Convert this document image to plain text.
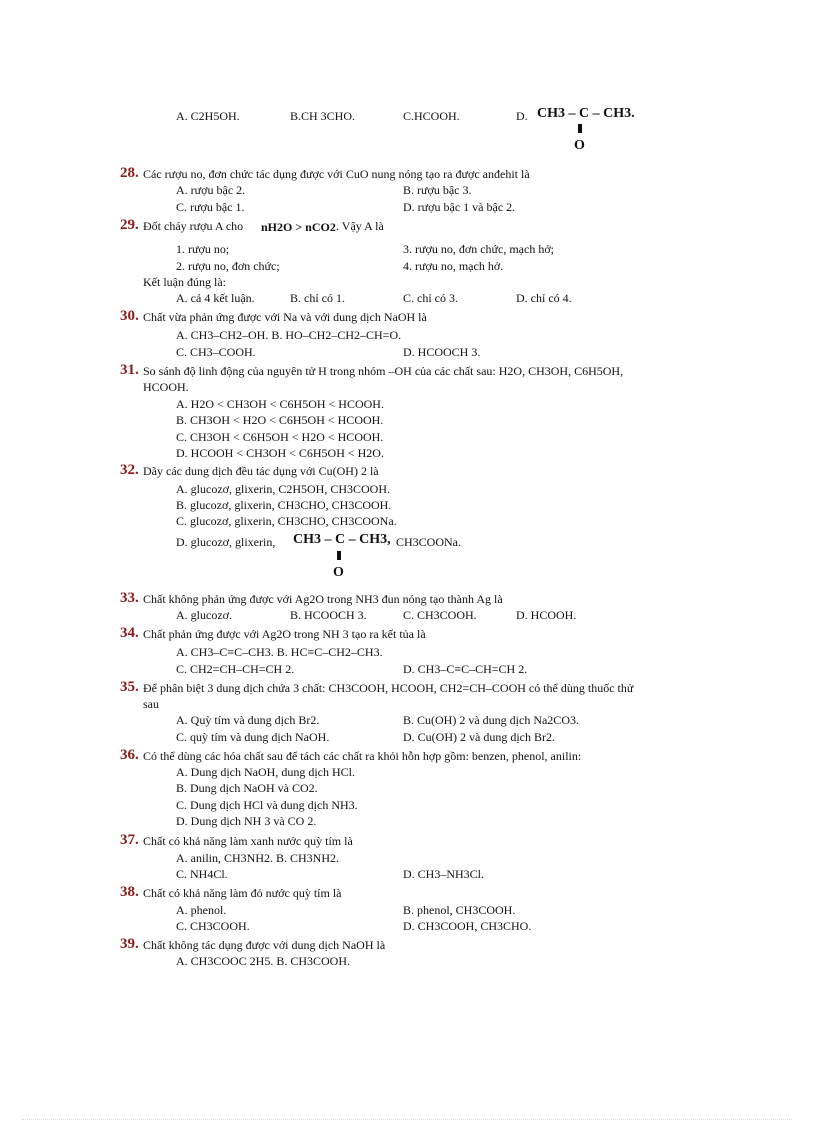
A. C2H5OH.	B.CH 3CHO.	C.HCOOH.	D. CH3 – C – CH3.
O
28. Các rượu no, đơn chức tác dụng được với CuO nung nóng tạo ra được anđehit là
A. rượu bậc 2.	B. rượu bậc 3.
C. rượu bậc 1.	D. rượu bậc 1 và bậc 2.
29. Đốt cháy rượu A cho nH2O > nCO2 . Vậy A là
1. rượu no;	3. rượu no, đơn chức, mạch hở;
2. rượu no, đơn chức;	4. rượu no, mạch hở.
Kết luận đúng là:
A. cả 4 kết luận.	B. chỉ có 1.	C. chỉ có 3.	D. chỉ có 4.
30. Chất vừa phản ứng được với Na và với dung dịch NaOH là
A. CH3–CH2–OH. B. HO–CH2–CH2–CH=O.
C. CH3–COOH.	D. HCOOCH 3.
31. So sánh độ linh động của nguyên tử H trong nhóm –OH của các chất sau: H2O, CH3OH, C6H5OH,
HCOOH.
A. H2O < CH3OH < C6H5OH < HCOOH.
B. CH3OH < H2O < C6H5OH < HCOOH.
C. CH3OH < C6H5OH < H2O < HCOOH.
D. HCOOH < CH3OH < C6H5OH < H2O.
32. Dãy các dung dịch đều tác dụng với Cu(OH) 2 là
A. glucozơ, glixerin, C2H5OH, CH3COOH.
B. glucozơ, glixerin, CH3CHO, CH3COOH.
C. glucozơ, glixerin, CH3CHO, CH3COONa.
D. glucozơ, glixerin, CH3 – C – CH3, CH3COONa.
O
33. Chất không phản ứng được với Ag2O trong NH3 đun nóng tạo thành Ag là
A. glucozơ.	B. HCOOCH 3.	C. CH3COOH.	D. HCOOH.
34. Chất phản ứng được với Ag2O trong NH 3 tạo ra kết tủa là
A. CH3–C≡C–CH3. B. HC≡C–CH2–CH3.
C. CH2=CH–CH=CH 2.	D. CH3–C≡C–CH=CH 2.
35. Để phân biệt 3 dung dịch chứa 3 chất: CH3COOH, HCOOH, CH2=CH–COOH có thể dùng thuốc thử
sau
A. Quỳ tím và dung dịch Br2.	B. Cu(OH) 2 và dung dịch Na2CO3.
C. quỳ tím và dung dịch NaOH.	D. Cu(OH) 2 và dung dịch Br2.
36. Có thể dùng các hóa chất sau để tách các chất ra khỏi hỗn hợp gồm: benzen, phenol, anilin:
A. Dung dịch NaOH, dung dịch HCl.
B. Dung dịch NaOH và CO2.
C. Dung dịch HCl và dung dịch NH3.
D. Dung dịch NH 3 và CO 2.
37. Chất có khả năng làm xanh nước quỳ tím là
A. anilin, CH3NH2. B. CH3NH2.
C. NH4Cl.	D. CH3–NH3Cl.
38. Chất có khả năng làm đỏ nước quỳ tím là
A. phenol.	B. phenol, CH3COOH.
C. CH3COOH.	D. CH3COOH, CH3CHO.
39. Chất không tác dụng được với dung dịch NaOH là
A. CH3COOC 2H5. B. CH3COOH.
